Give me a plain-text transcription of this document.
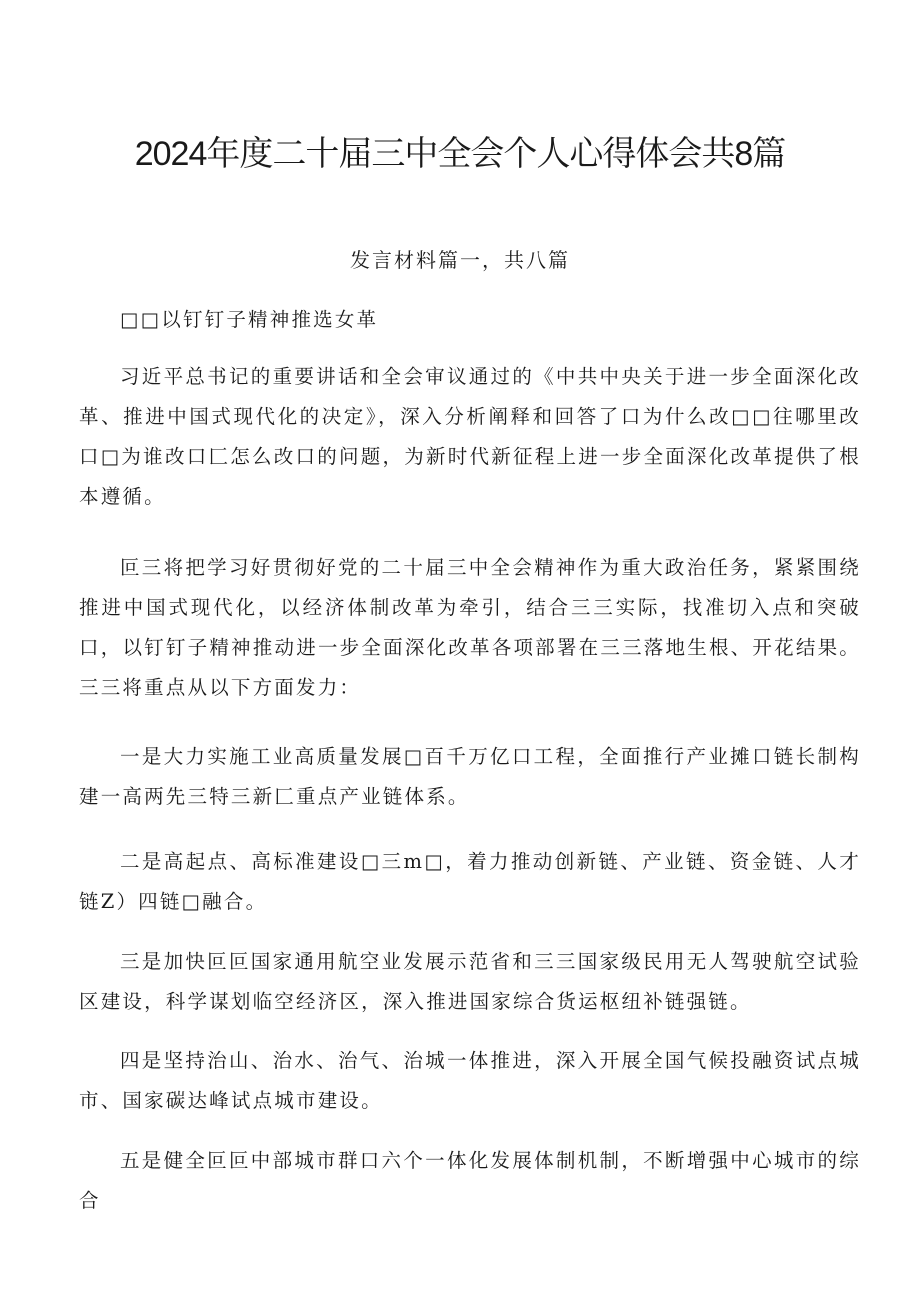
2024年度二十届三中全会个人心得体会共8篇
发言材料篇一，共八篇

□□以钉钉子精神推选女革

习近平总书记的重要讲话和全会审议通过的《中共中央关于进一步全面深化改革、推进中国式现代化的决定》，深入分析阐释和回答了口为什么改□□往哪里改口□为谁改口匚怎么改口的问题，为新时代新征程上进一步全面深化改革提供了根本遵循。

叵三将把学习好贯彻好党的二十届三中全会精神作为重大政治任务，紧紧围绕推进中国式现代化，以经济体制改革为牵引，结合三三实际，找准切入点和突破口，以钉钉子精神推动进一步全面深化改革各项部署在三三落地生根、开花结果。三三将重点从以下方面发力：

一是大力实施工业高质量发展□百千万亿口工程，全面推行产业摊口链长制构建一高两先三特三新匚重点产业链体系。

二是高起点、高标准建设□三m□，着力推动创新链、产业链、资金链、人才链Z）四链□融合。

三是加快叵叵国家通用航空业发展示范省和三三国家级民用无人驾驶航空试验区建设，科学谋划临空经济区，深入推进国家综合货运枢纽补链强链。

四是坚持治山、治水、治气、治城一体推进，深入开展全国气候投融资试点城市、国家碳达峰试点城市建设。

五是健全叵叵中部城市群口六个一体化发展体制机制，不断增强中心城市的综合
